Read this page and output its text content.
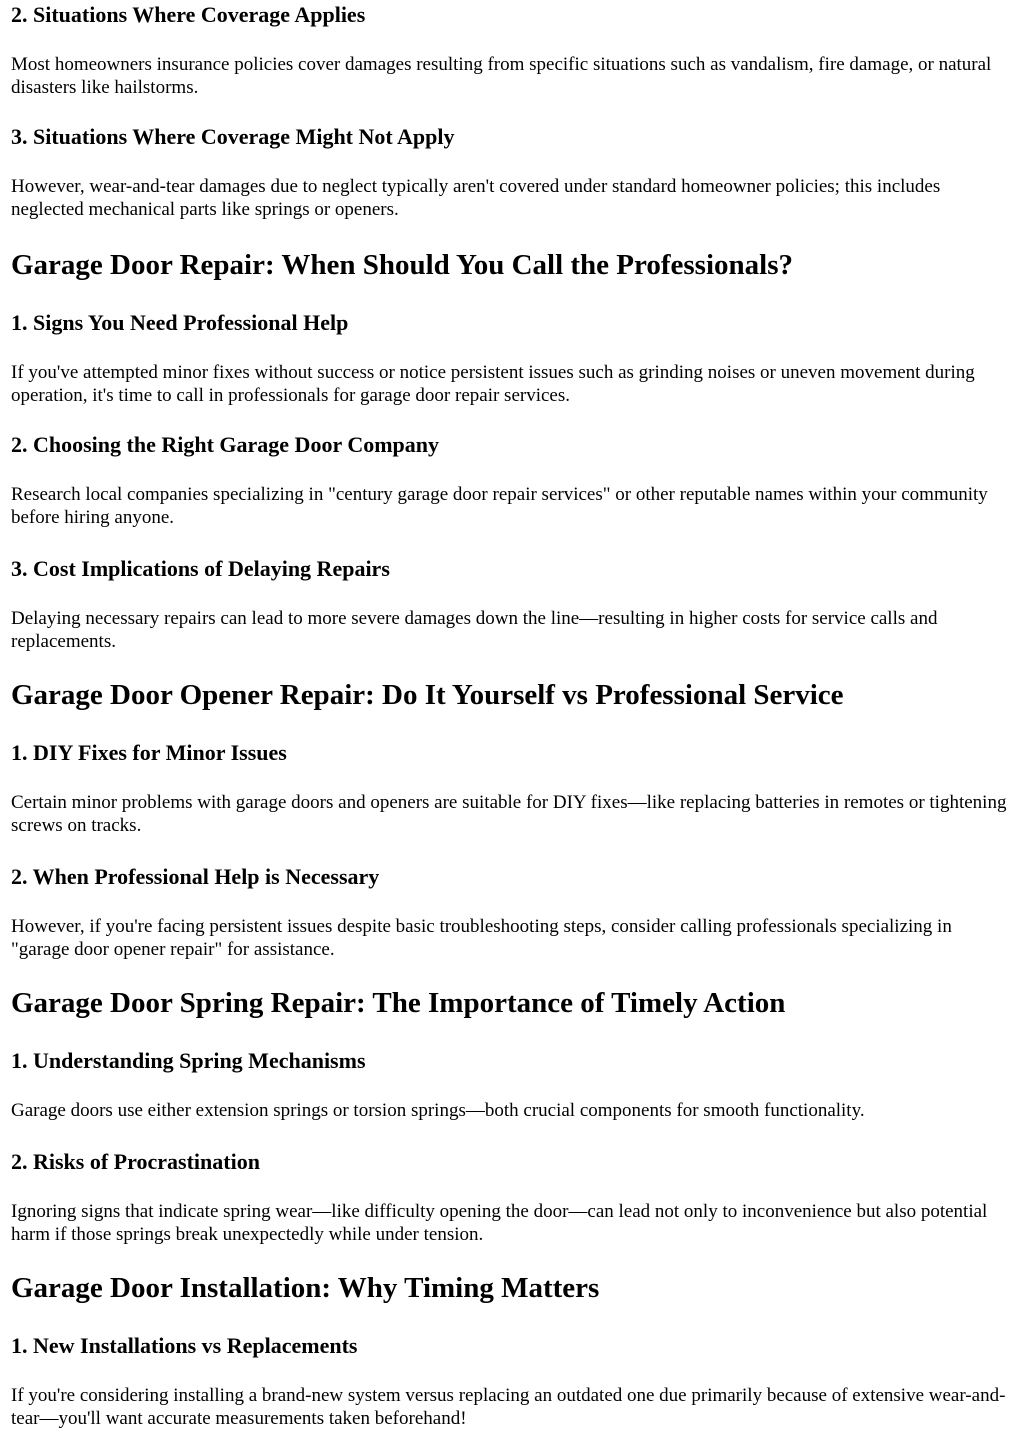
2. Situations Where Coverage Applies

Most homeowners insurance policies cover damages resulting from specific situations such as vandalism, fire damage, or natural disasters like hailstorms.

3. Situations Where Coverage Might Not Apply

However, wear-and-tear damages due to neglect typically aren't covered under standard homeowner policies; this includes neglected mechanical parts like springs or openers.

Garage Door Repair: When Should You Call the Professionals?
1. Signs You Need Professional Help

If you've attempted minor fixes without success or notice persistent issues such as grinding noises or uneven movement during operation, it's time to call in professionals for garage door repair services.

2. Choosing the Right Garage Door Company

Research local companies specializing in "century garage door repair services" or other reputable names within your community before hiring anyone.

3. Cost Implications of Delaying Repairs

Delaying necessary repairs can lead to more severe damages down the line—resulting in higher costs for service calls and replacements.

Garage Door Opener Repair: Do It Yourself vs Professional Service
1. DIY Fixes for Minor Issues

Certain minor problems with garage doors and openers are suitable for DIY fixes—like replacing batteries in remotes or tightening screws on tracks.

2. When Professional Help is Necessary

However, if you're facing persistent issues despite basic troubleshooting steps, consider calling professionals specializing in "garage door opener repair" for assistance.

Garage Door Spring Repair: The Importance of Timely Action
1. Understanding Spring Mechanisms

Garage doors use either extension springs or torsion springs—both crucial components for smooth functionality.

2. Risks of Procrastination

Ignoring signs that indicate spring wear—like difficulty opening the door—can lead not only to inconvenience but also potential harm if those springs break unexpectedly while under tension.

Garage Door Installation: Why Timing Matters
1. New Installations vs Replacements

If you're considering installing a brand-new system versus replacing an outdated one due primarily because of extensive wear-and-tear—you'll want accurate measurements taken beforehand!
